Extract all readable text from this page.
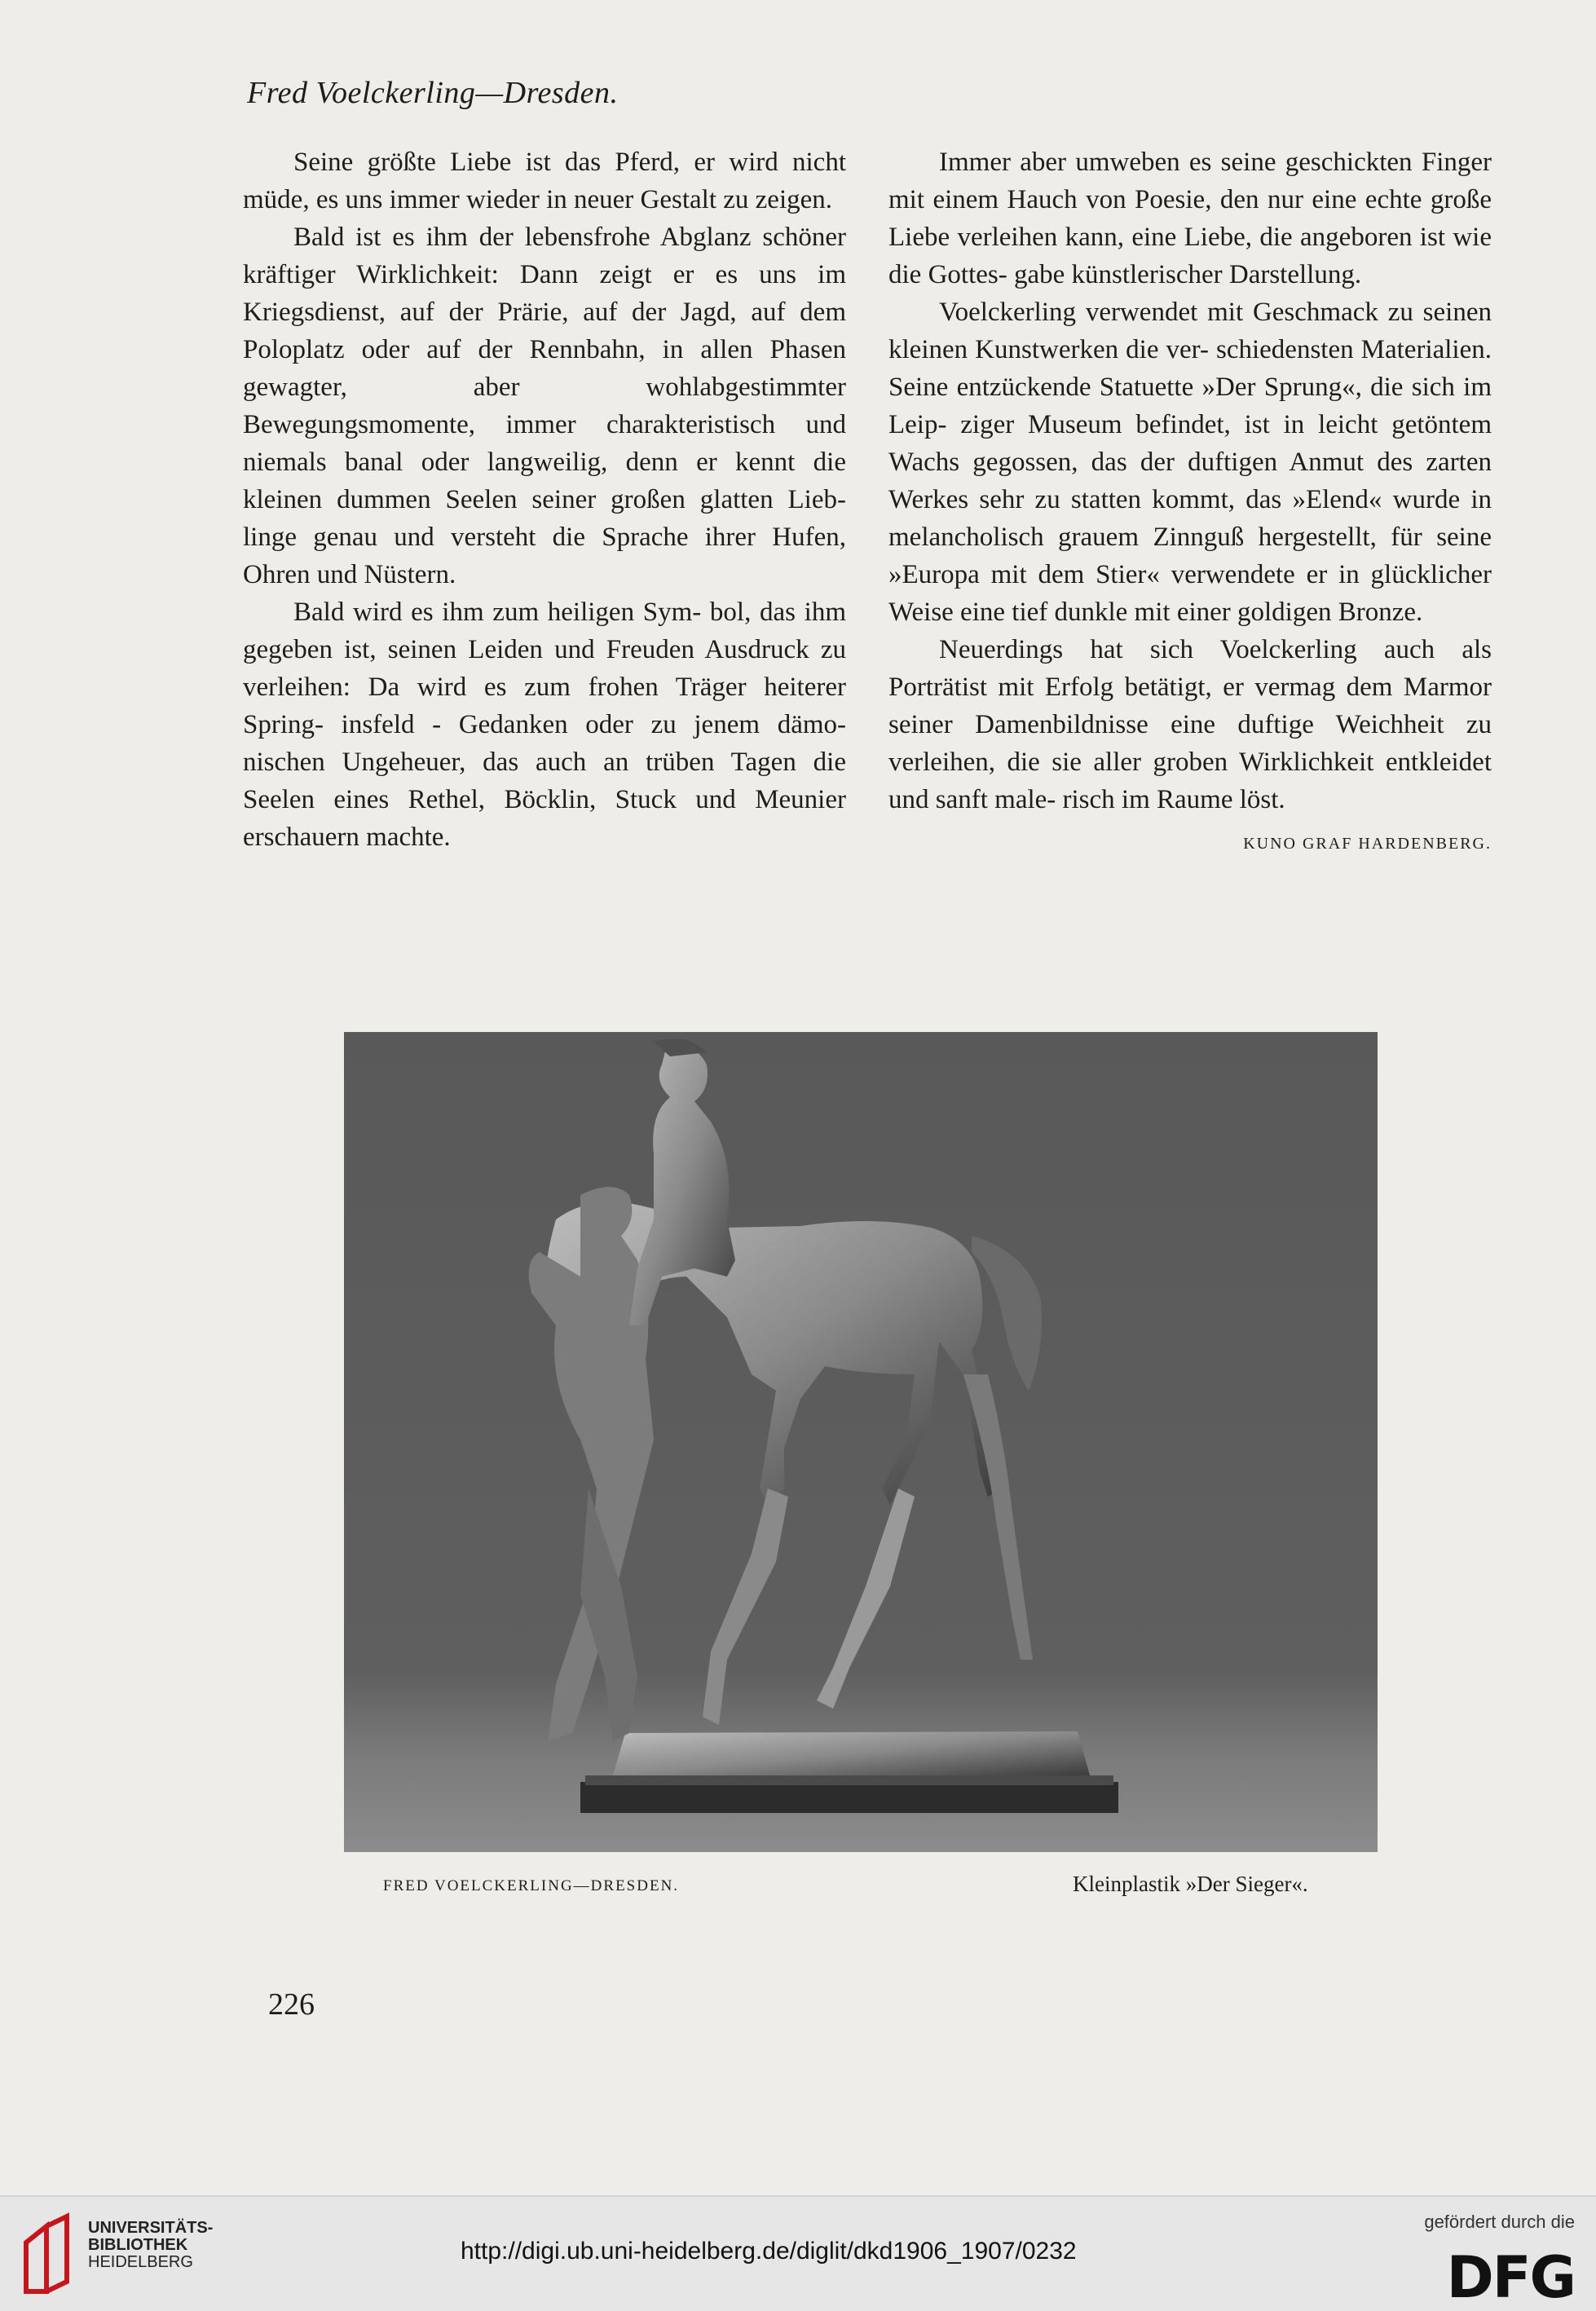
Fred Voelckerling—Dresden.

Seine größte Liebe ist das Pferd, er wird nicht müde, es uns immer wieder in neuer Gestalt zu zeigen.

Bald ist es ihm der lebensfrohe Abglanz schöner kräftiger Wirklichkeit: Dann zeigt er es uns im Kriegsdienst, auf der Prärie, auf der Jagd, auf dem Poloplatz oder auf der Rennbahn, in allen Phasen gewagter, aber wohlabgestimmter Bewegungsmomente, immer charakteristisch und niemals banal oder langweilig, denn er kennt die kleinen dummen Seelen seiner großen glatten Lieb- linge genau und versteht die Sprache ihrer Hufen, Ohren und Nüstern.

Bald wird es ihm zum heiligen Sym- bol, das ihm gegeben ist, seinen Leiden und Freuden Ausdruck zu verleihen: Da wird es zum frohen Träger heiterer Spring- insfeld - Gedanken oder zu jenem dämo- nischen Ungeheuer, das auch an trüben Tagen die Seelen eines Rethel, Böcklin, Stuck und Meunier erschauern machte.

Immer aber umweben es seine geschickten Finger mit einem Hauch von Poesie, den nur eine echte große Liebe verleihen kann, eine Liebe, die angeboren ist wie die Gottes- gabe künstlerischer Darstellung.

Voelckerling verwendet mit Geschmack zu seinen kleinen Kunstwerken die ver- schiedensten Materialien. Seine entzückende Statuette »Der Sprung«, die sich im Leip- ziger Museum befindet, ist in leicht getöntem Wachs gegossen, das der duftigen Anmut des zarten Werkes sehr zu statten kommt, das »Elend« wurde in melancholisch grauem Zinnguß hergestellt, für seine »Europa mit dem Stier« verwendete er in glücklicher Weise eine tief dunkle mit einer goldigen Bronze.

Neuerdings hat sich Voelckerling auch als Porträtist mit Erfolg betätigt, er vermag dem Marmor seiner Damenbildnisse eine duftige Weichheit zu verleihen, die sie aller groben Wirklichkeit entkleidet und sanft male- risch im Raume löst.
KUNO GRAF HARDENBERG.

FRED VOELCKERLING—DRESDEN.	Kleinplastik »Der Sieger«.
226
UNIVERSITÄTS-
BIBLIOTHEK
HEIDELBERG	http://digi.ub.uni-heidelberg.de/diglit/dkd1906_1907/0232
gefördert durch die
DFG
